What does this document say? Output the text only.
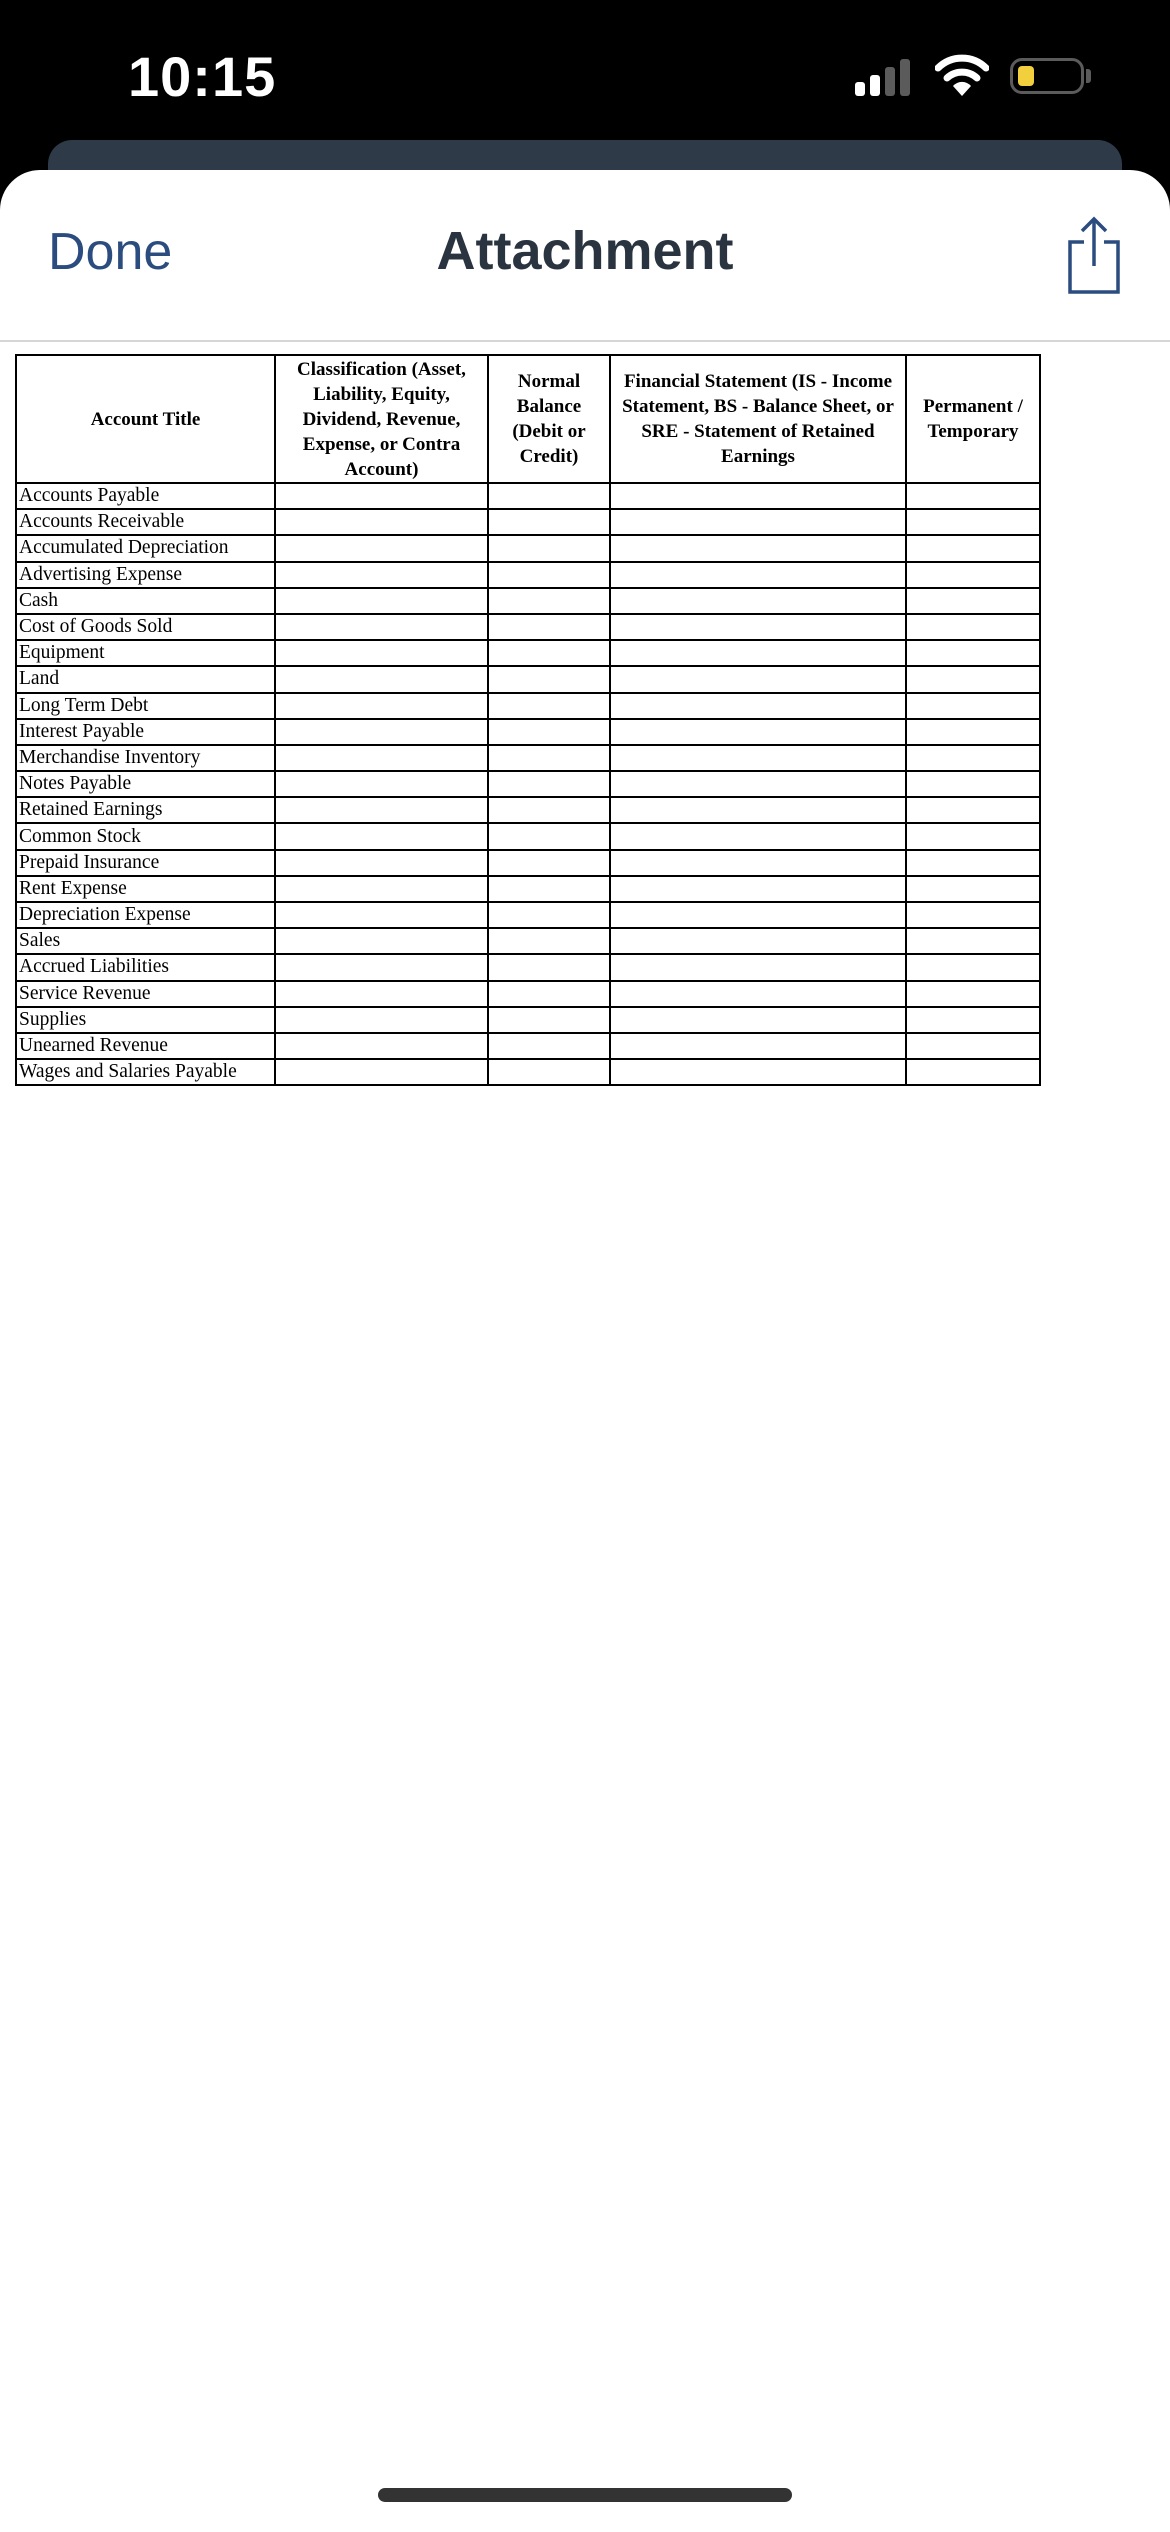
10:15
Done	Attachment
Account Title	Classification (Asset, Liability, Equity, Dividend, Revenue, Expense, or Contra Account)	Normal Balance (Debit or Credit)	Financial Statement (IS - Income Statement, BS - Balance Sheet, or SRE - Statement of Retained Earnings	Permanent / Temporary
Accounts Payable				
Accounts Receivable				
Accumulated Depreciation				
Advertising Expense				
Cash				
Cost of Goods Sold				
Equipment				
Land				
Long Term Debt				
Interest Payable				
Merchandise Inventory				
Notes Payable				
Retained Earnings				
Common Stock				
Prepaid Insurance				
Rent Expense				
Depreciation Expense				
Sales				
Accrued Liabilities				
Service Revenue				
Supplies				
Unearned Revenue				
Wages and Salaries Payable				
